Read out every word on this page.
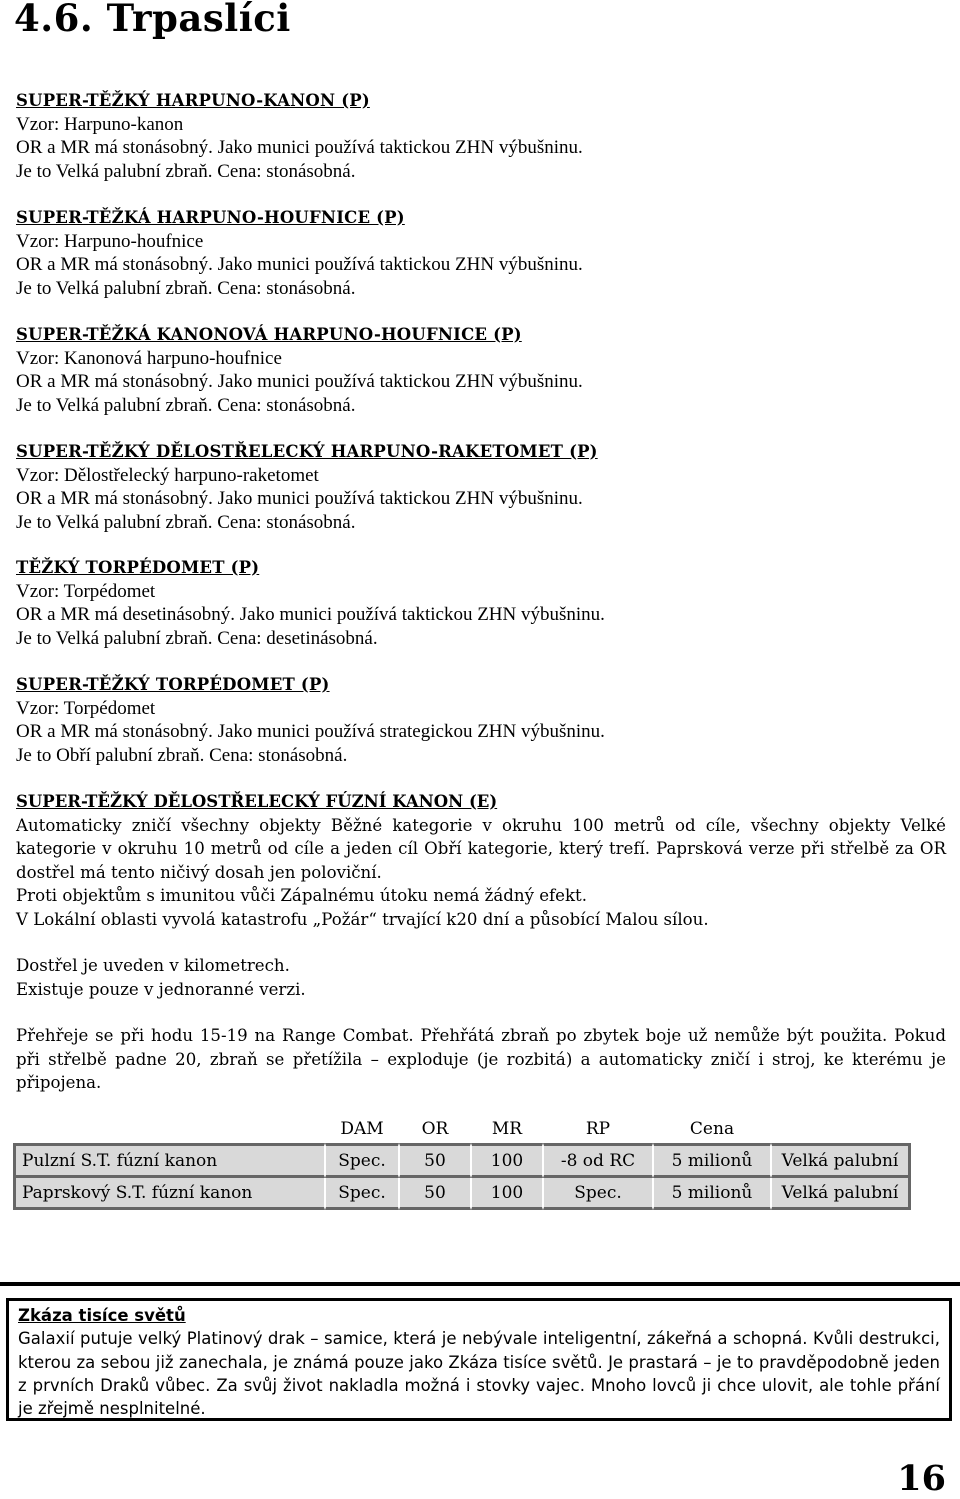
4.6. Trpaslíci
SUPER-TĚŽKÝ HARPUNO-KANON (P)
Vzor: Harpuno-kanon
OR a MR má stonásobný. Jako munici používá taktickou ZHN výbušninu.
Je to Velká palubní zbraň. Cena: stonásobná.
SUPER-TĚŽKÁ HARPUNO-HOUFNICE (P)
Vzor: Harpuno-houfnice
OR a MR má stonásobný. Jako munici používá taktickou ZHN výbušninu.
Je to Velká palubní zbraň. Cena: stonásobná.
SUPER-TĚŽKÁ KANONOVÁ HARPUNO-HOUFNICE (P)
Vzor: Kanonová harpuno-houfnice
OR a MR má stonásobný. Jako munici používá taktickou ZHN výbušninu.
Je to Velká palubní zbraň. Cena: stonásobná.
SUPER-TĚŽKÝ DĚLOSTŘELECKÝ HARPUNO-RAKETOMET (P)
Vzor: Dělostřelecký harpuno-raketomet
OR a MR má stonásobný. Jako munici používá taktickou ZHN výbušninu.
Je to Velká palubní zbraň. Cena: stonásobná.
TĚŽKÝ TORPÉDOMET (P)
Vzor: Torpédomet
OR a MR má desetinásobný. Jako munici používá taktickou ZHN výbušninu.
Je to Velká palubní zbraň. Cena: desetinásobná.
SUPER-TĚŽKÝ TORPÉDOMET (P)
Vzor: Torpédomet
OR a MR má stonásobný. Jako munici používá strategickou ZHN výbušninu.
Je to Obří palubní zbraň. Cena: stonásobná.
SUPER-TĚŽKÝ DĚLOSTŘELECKÝ FÚZNÍ KANON (E)

Automaticky zničí všechny objekty Běžné kategorie v okruhu 100 metrů od cíle, všechny objekty Velké kategorie v okruhu 10 metrů od cíle a jeden cíl Obří kategorie, který trefí. Paprsková verze při střelbě za OR dostřel má tento ničivý dosah jen poloviční.

Proti objektům s imunitou vůči Zápalnému útoku nemá žádný efekt.

V Lokální oblasti vyvolá katastrofu „Požár“ trvající k20 dní a působící Malou sílou.

Dostřel je uveden v kilometrech.

Existuje pouze v jednoranné verzi.

Přehřeje se při hodu 15-19 na Range Combat. Přehřátá zbraň po zbytek boje už nemůže být použita. Pokud při střelbě padne 20, zbraň se přetížila – exploduje (je rozbitá) a automaticky zničí i stroj, ke kterému je připojena.

	DAM	OR	MR	RP	Cena	
Pulzní S.T. fúzní kanon	Spec.	50	100	-8 od RC	5 milionů	Velká palubní
Paprskový S.T. fúzní kanon	Spec.	50	100	Spec.	5 milionů	Velká palubní
Zkáza tisíce světů
Galaxií putuje velký Platinový drak – samice, která je nebývale inteligentní, zákeřná a schopná. Kvůli destrukci, kterou za sebou již zanechala, je známá pouze jako Zkáza tisíce světů. Je prastará – je to pravděpodobně jeden z prvních Draků vůbec. Za svůj život nakladla možná i stovky vajec. Mnoho lovců ji chce ulovit, ale tohle přání je zřejmě nesplnitelné.
16
